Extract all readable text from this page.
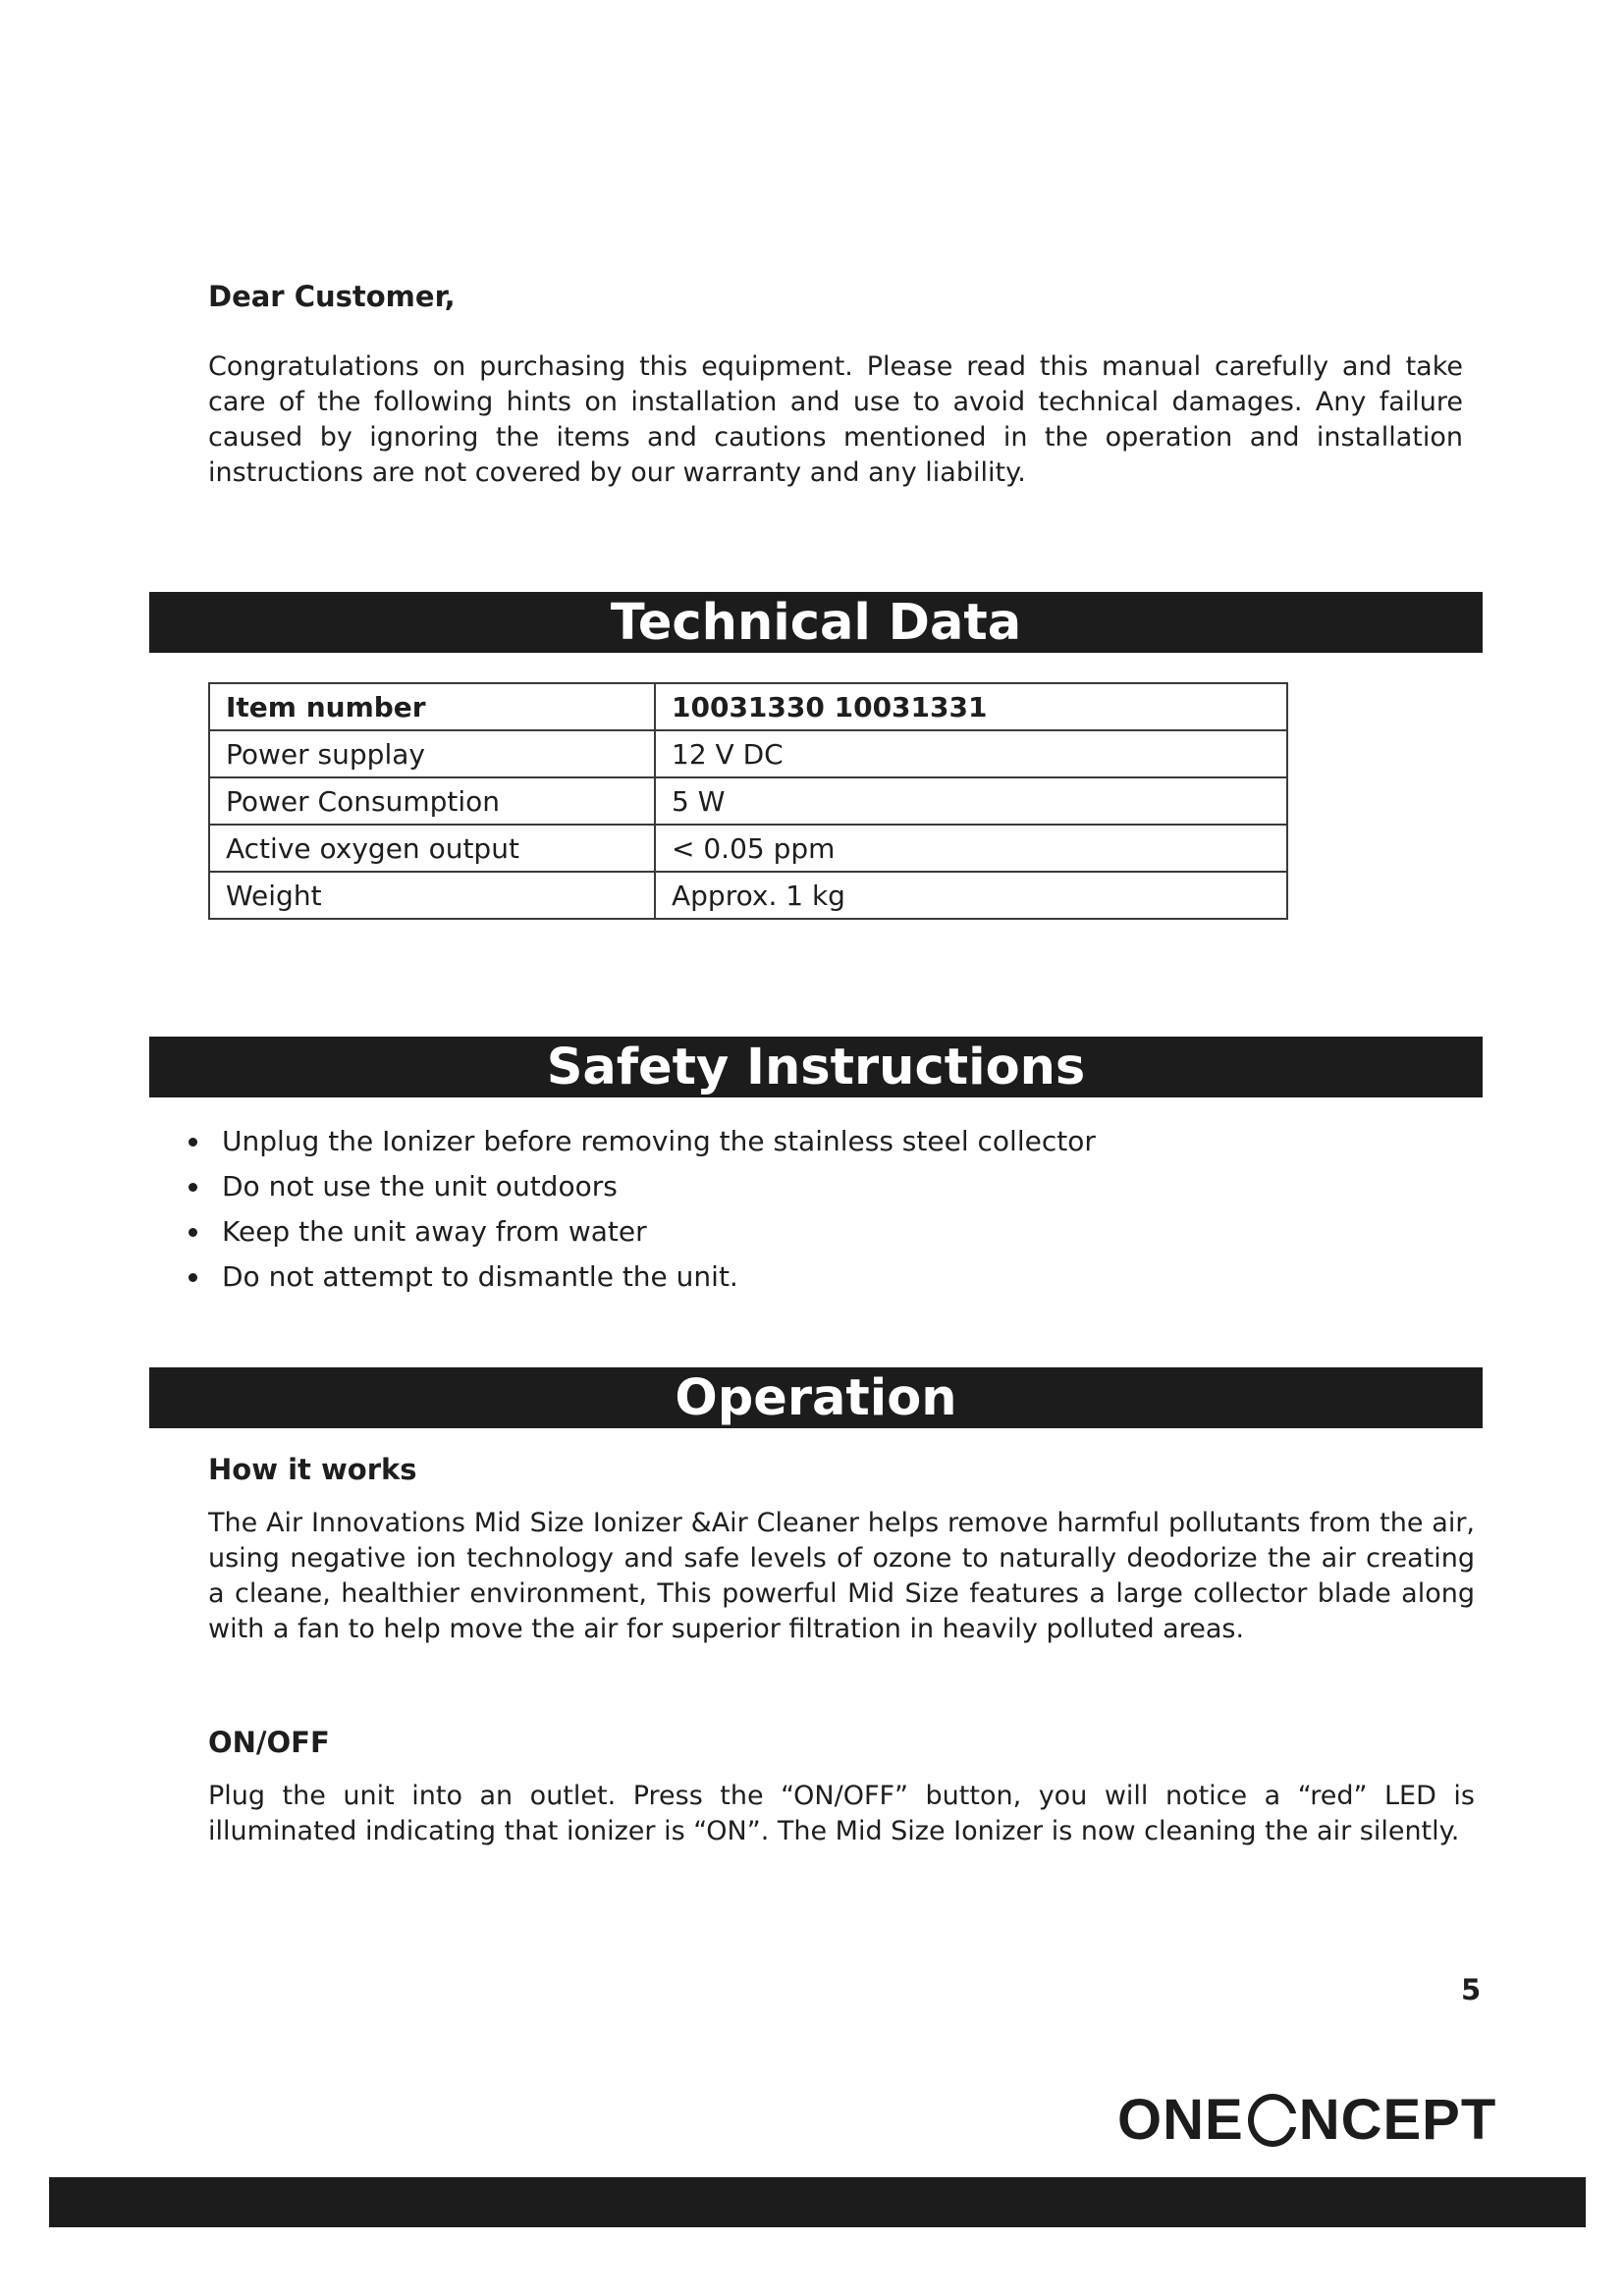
Dear Customer,

Congratulations on purchasing this equipment. Please read this manual carefully and take care of the following hints on installation and use to avoid technical damages. Any failure caused by ignoring the items and cautions mentioned in the operation and installation instructions are not covered by our warranty and any liability.

Technical Data
Item number	10031330 10031331
Power supplay	12 V DC
Power Consumption	5 W
Active oxygen output	< 0.05 ppm
Weight	Approx. 1 kg
Safety Instructions
Unplug the Ionizer before removing the stainless steel collector
Do not use the unit outdoors
Keep the unit away from water
Do not attempt to dismantle the unit.
Operation

How it works

The Air Innovations Mid Size Ionizer &Air Cleaner helps remove harmful pollutants from the air, using negative ion technology and safe levels of ozone to naturally deodorize the air creating a cleane, healthier environment, This powerful Mid Size features a large collector blade along with a fan to help move the air for superior filtration in heavily polluted areas.

ON/OFF

Plug the unit into an outlet. Press the “ON/OFF” button, you will notice a “red” LED is illuminated indicating that ionizer is “ON”. The Mid Size Ionizer is now cleaning the air silently.

5
ONE NCEPT
